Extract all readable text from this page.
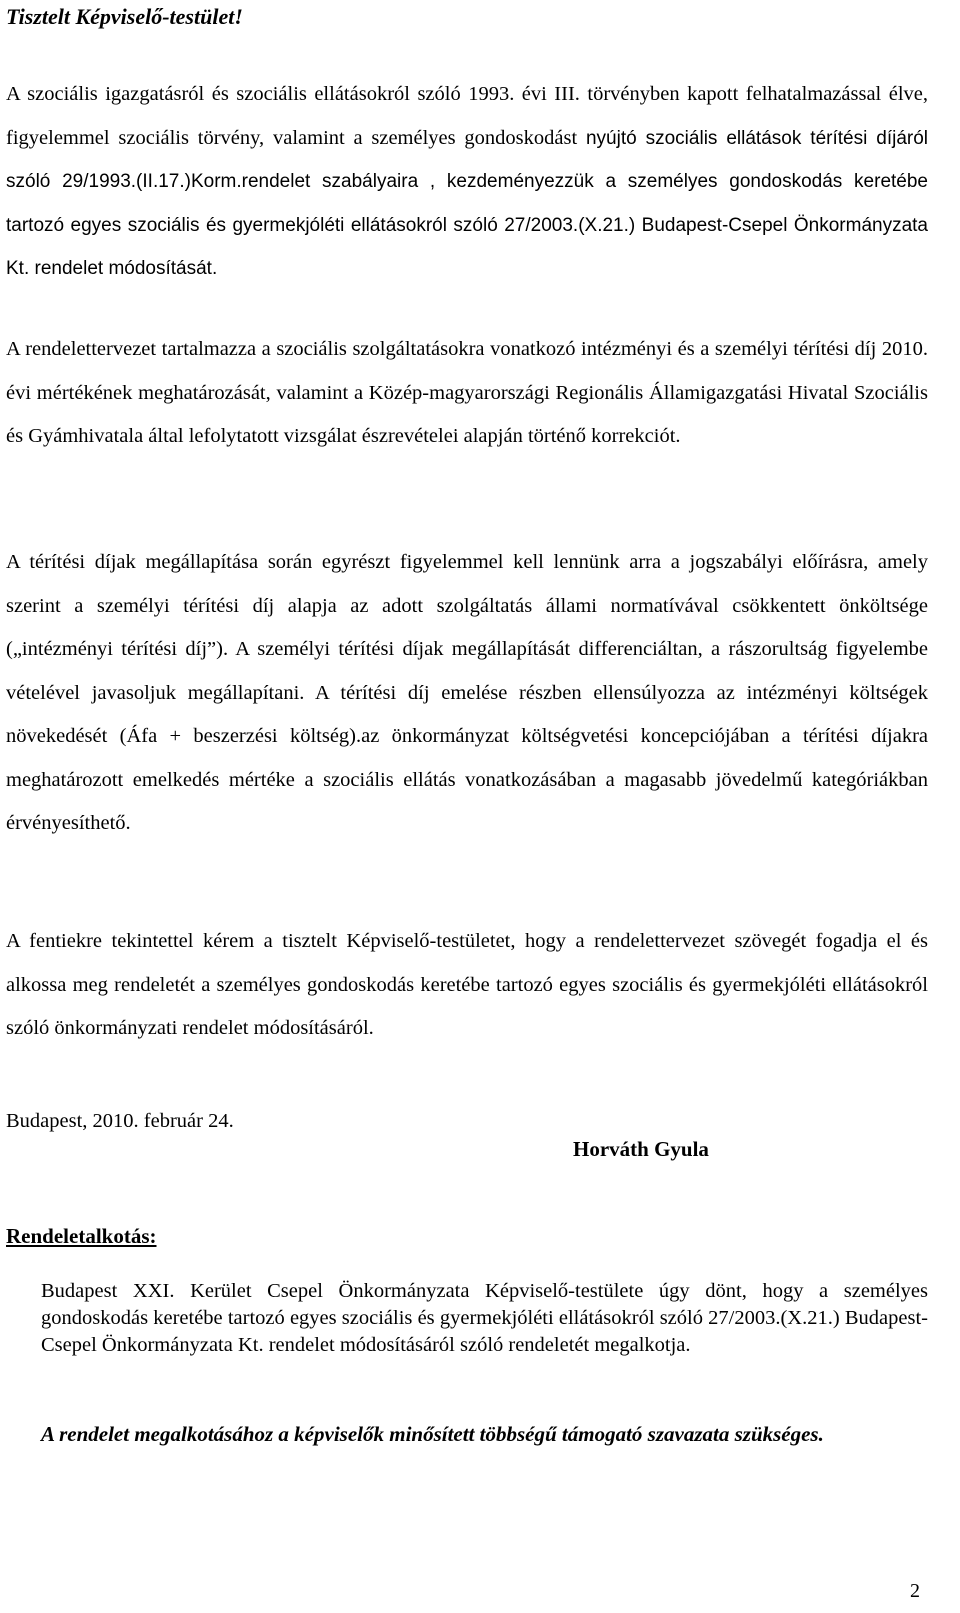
Tisztelt Képviselő-testület!

A szociális igazgatásról és szociális ellátásokról szóló 1993. évi III. törvényben kapott felhatalmazással élve, figyelemmel szociális törvény, valamint a személyes gondoskodást nyújtó szociális ellátások térítési díjáról szóló 29/1993.(II.17.)Korm.rendelet szabályaira , kezdeményezzük a személyes gondoskodás keretébe tartozó egyes szociális és gyermekjóléti ellátásokról szóló 27/2003.(X.21.) Budapest-Csepel Önkormányzata Kt. rendelet módosítását.

A rendelettervezet tartalmazza a szociális szolgáltatásokra vonatkozó intézményi és a személyi térítési díj 2010. évi mértékének meghatározását, valamint a Közép-magyarországi Regionális Államigazgatási Hivatal Szociális és Gyámhivatala által lefolytatott vizsgálat észrevételei alapján történő korrekciót.

A térítési díjak megállapítása során egyrészt figyelemmel kell lennünk arra a jogszabályi előírásra, amely szerint a személyi térítési díj alapja az adott szolgáltatás állami normatívával csökkentett önköltsége („intézményi térítési díj”). A személyi térítési díjak megállapítását differenciáltan, a rászorultság figyelembe vételével javasoljuk megállapítani. A térítési díj emelése részben ellensúlyozza az intézményi költségek növekedését (Áfa + beszerzési költség).az önkormányzat költségvetési koncepciójában a térítési díjakra meghatározott emelkedés mértéke a szociális ellátás vonatkozásában a magasabb jövedelmű kategóriákban érvényesíthető.

A fentiekre tekintettel kérem a tisztelt Képviselő-testületet, hogy a rendelettervezet szövegét fogadja el és alkossa meg rendeletét a személyes gondoskodás keretébe tartozó egyes szociális és gyermekjóléti ellátásokról szóló önkormányzati rendelet módosításáról.

Budapest, 2010. február 24.

Horváth Gyula

Rendeletalkotás:

Budapest XXI. Kerület Csepel Önkormányzata Képviselő-testülete úgy dönt, hogy a személyes gondoskodás keretébe tartozó egyes szociális és gyermekjóléti ellátásokról szóló 27/2003.(X.21.) Budapest-Csepel Önkormányzata Kt. rendelet módosításáról szóló rendeletét megalkotja.

A rendelet megalkotásához a képviselők minősített többségű támogató szavazata szükséges.

2
